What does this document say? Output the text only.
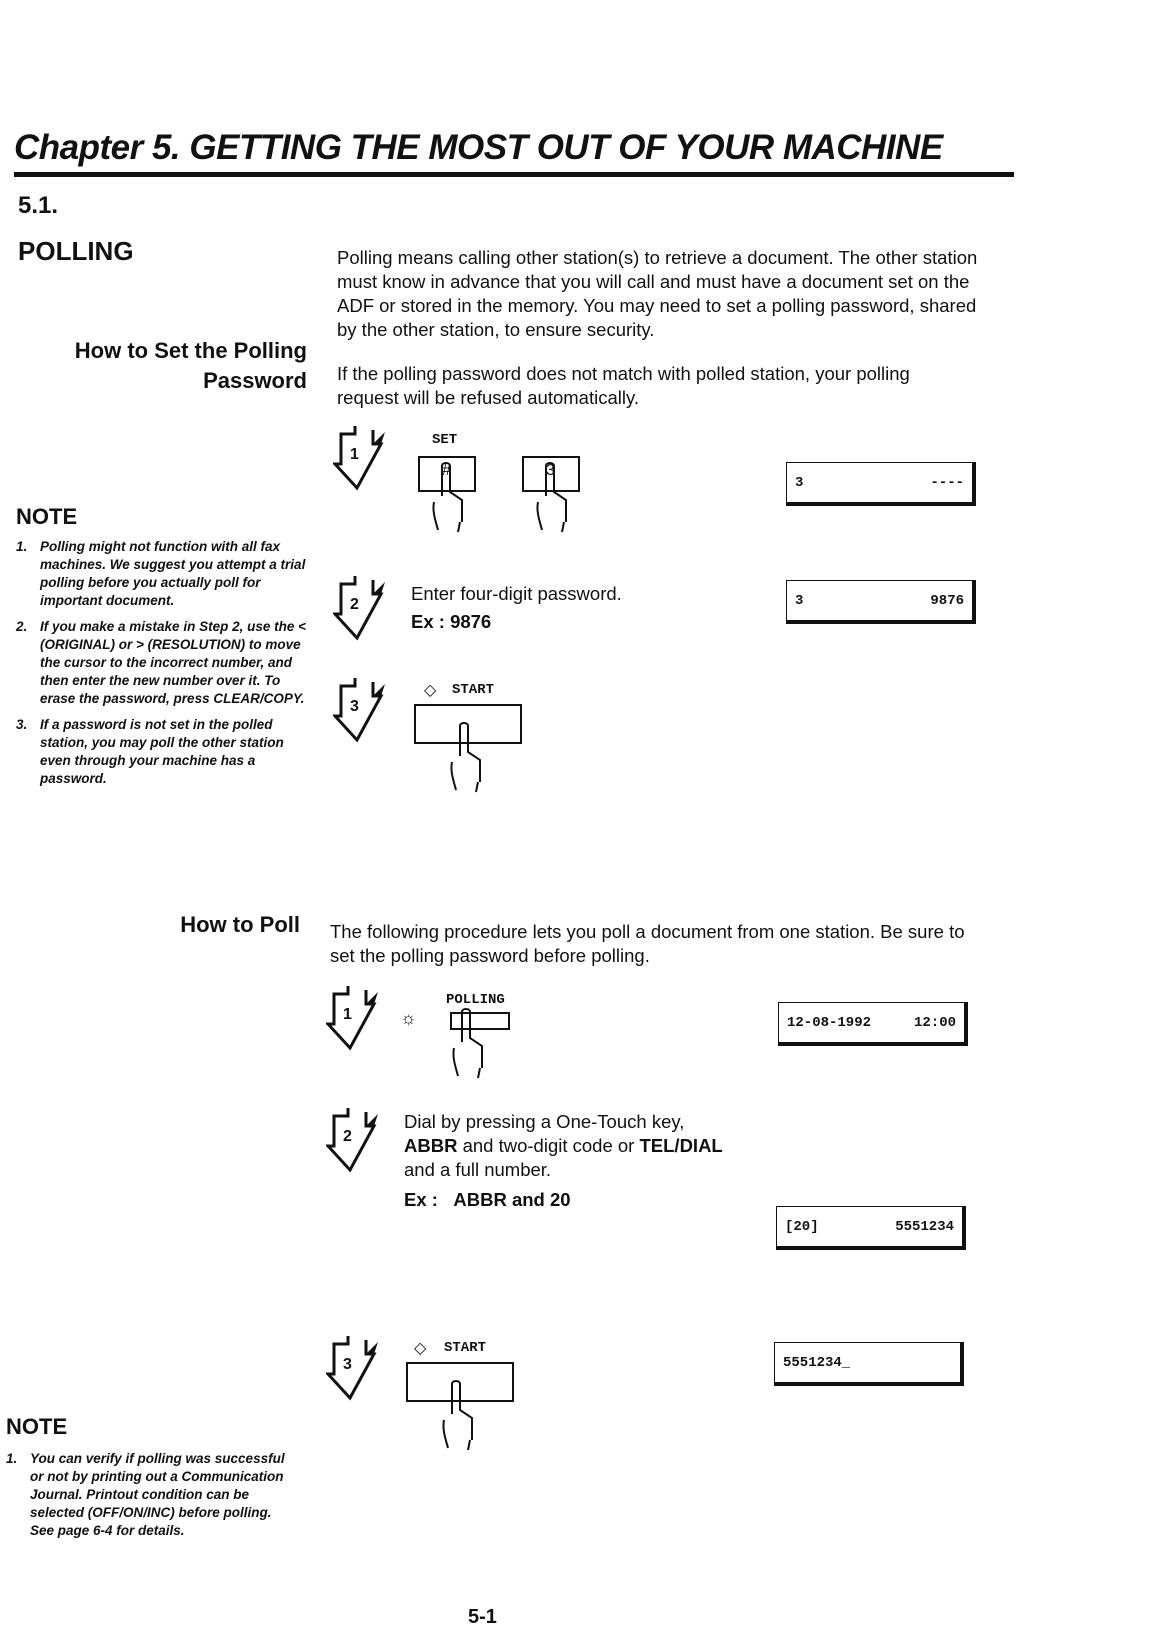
Chapter 5. GETTING THE MOST OUT OF YOUR MACHINE
5.1.
POLLING	Polling means calling other station(s) to retrieve a document. The other station must know in advance that you will call and must have a document set on the ADF or stored in the memory. You may need to set a polling password, shared by the other station, to ensure security.
How to Set the Polling
Password If the polling password does not match with polled station, your polling request will be refused automatically.
1
SET
#	3
3	----
2
Enter four-digit password.
Ex : 9876
3	9876
3
◇ START
NOTE
1. Polling might not function with all fax machines. We suggest you attempt a trial polling before you actually poll for important document.
2. If you make a mistake in Step 2, use the < (ORIGINAL) or > (RESOLUTION) to move the cursor to the incorrect number, and then enter the new number over it. To erase the password, press CLEAR/COPY.
3. If a password is not set in the polled station, you may poll the other station even through your machine has a password.
How to Poll The following procedure lets you poll a document from one station. Be sure to set the polling password before polling.
1	☼
POLLING
12-08-1992	12:00
2
Dial by pressing a One-Touch key,
ABBR and two-digit code or TEL/DIAL
and a full number.
Ex : ABBR and 20
[20]	5551234
3
◇ START
5551234_
NOTE
1. You can verify if polling was successful or not by printing out a Communication Journal. Printout condition can be selected (OFF/ON/INC) before polling. See page 6-4 for details.
5-1
